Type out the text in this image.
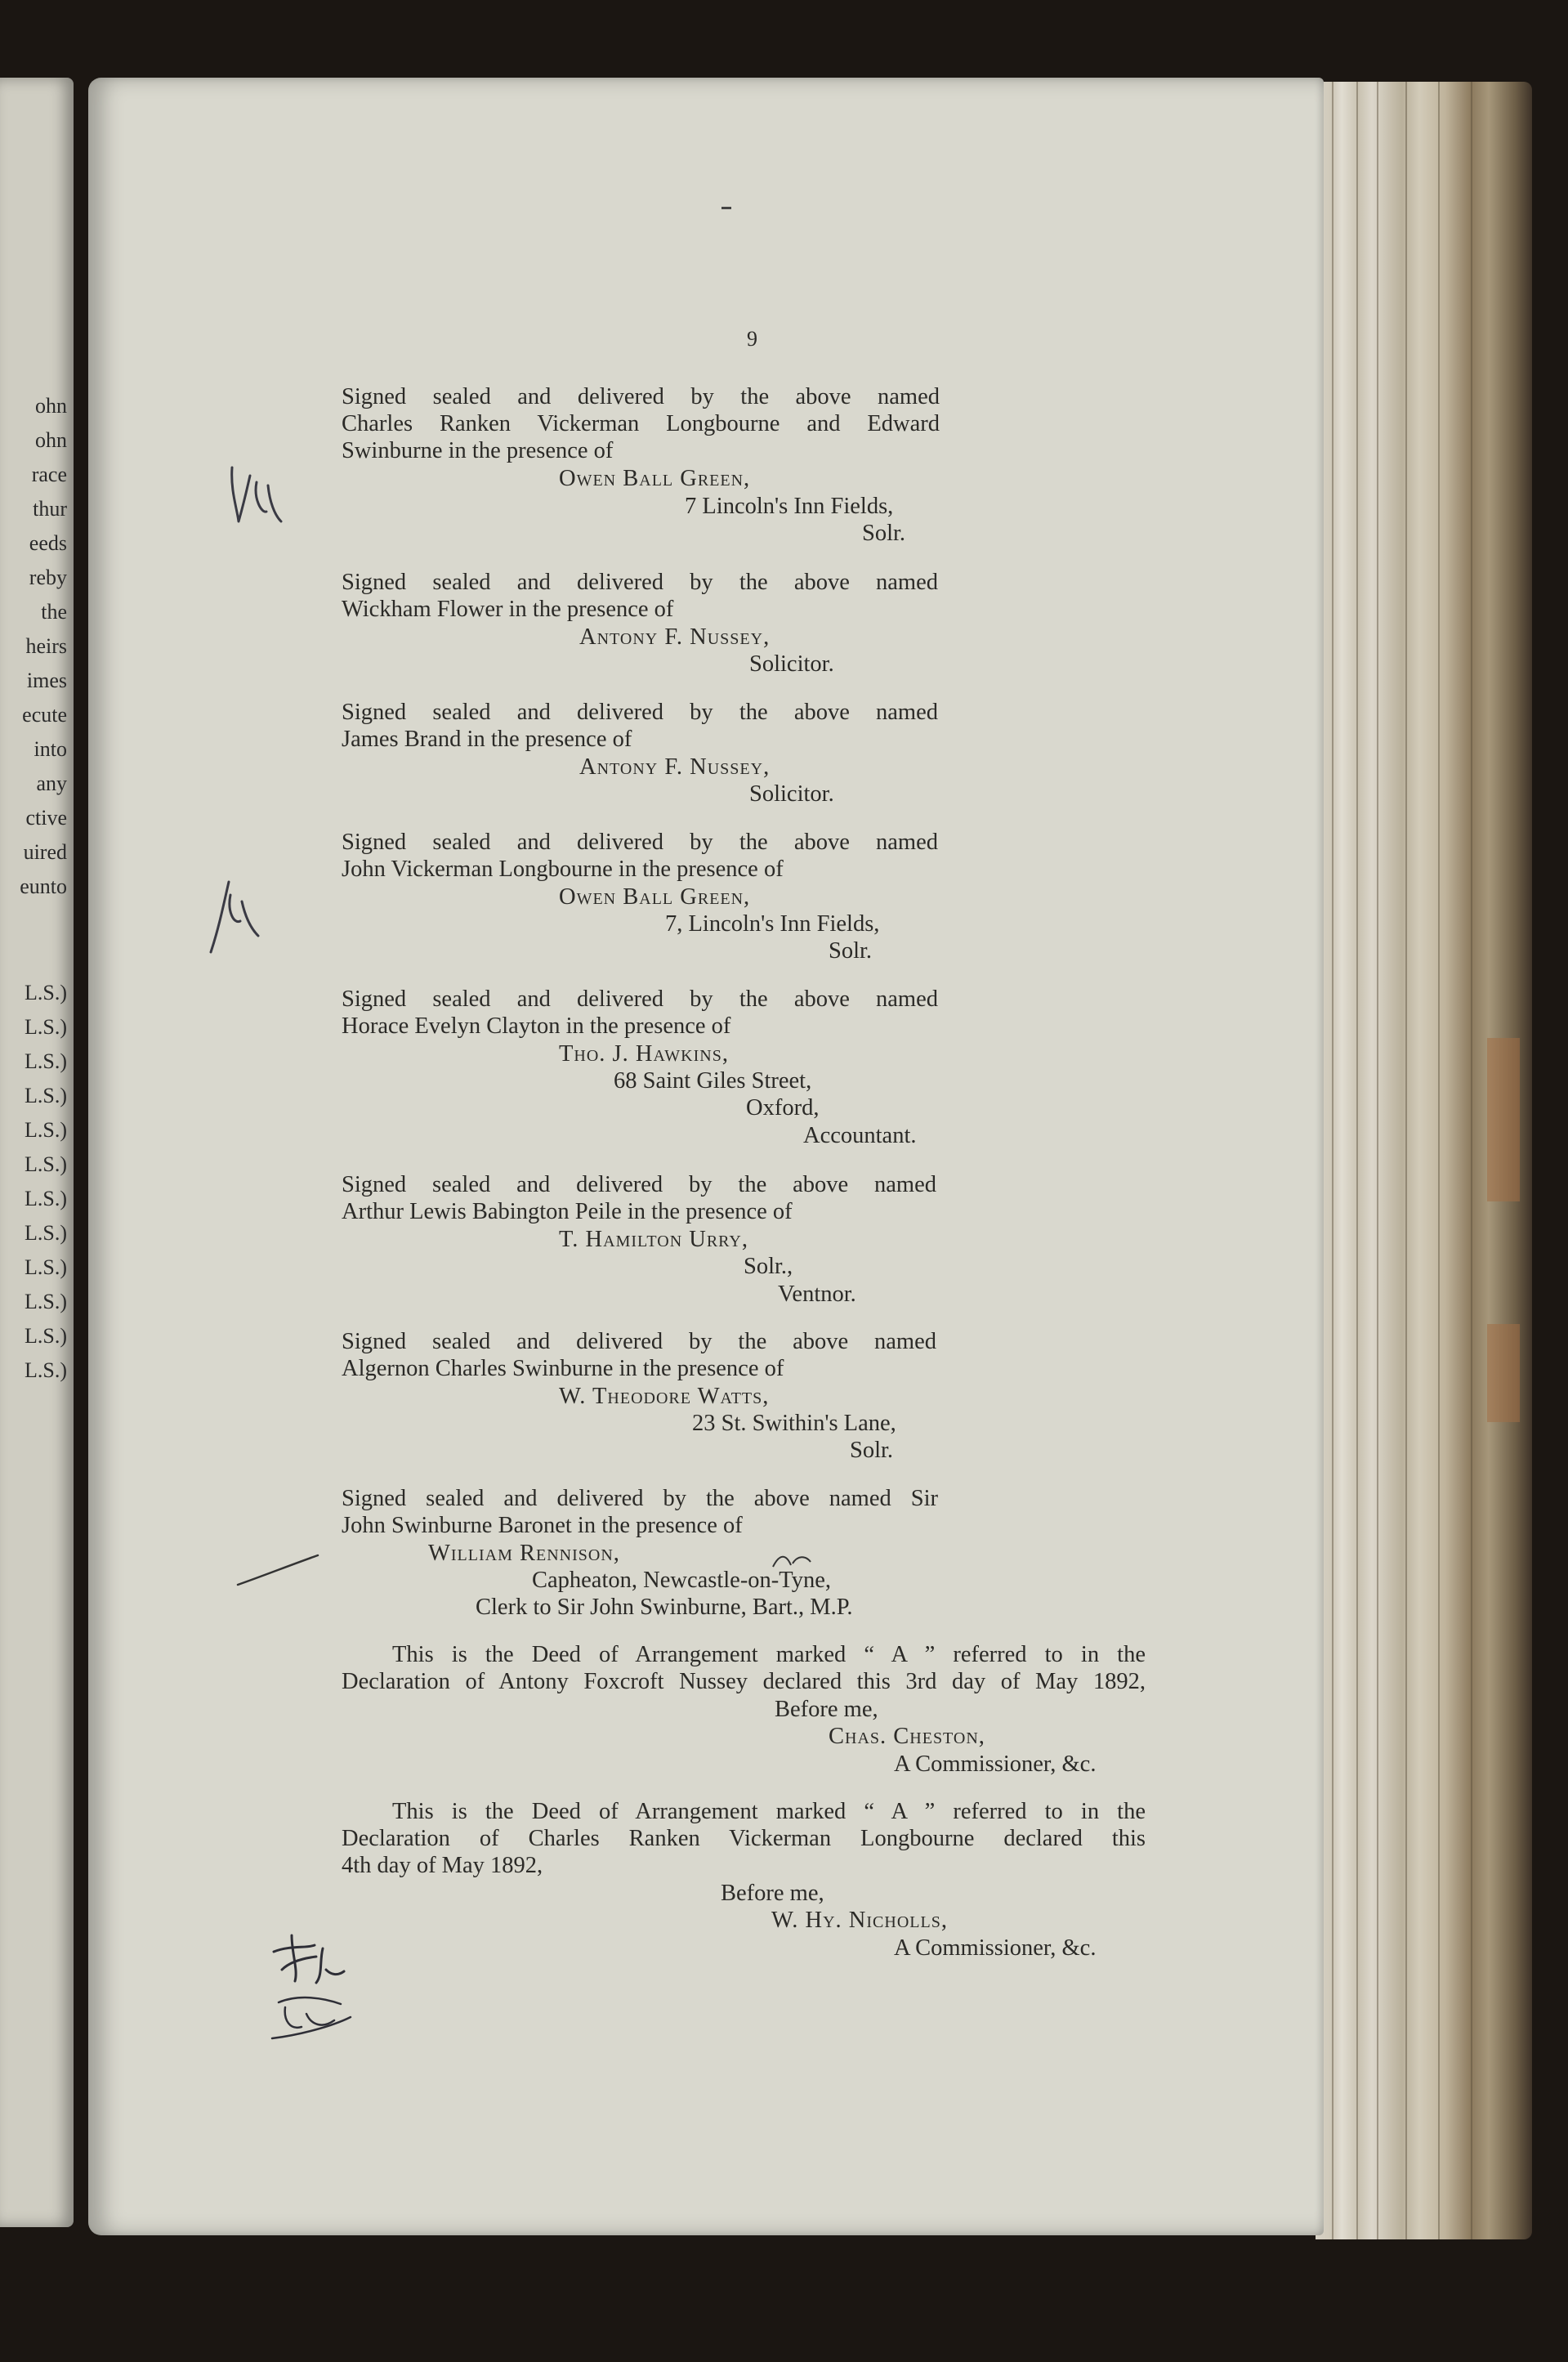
ohn
ohn
race
thur
eeds
reby
the
heirs
imes
ecute
into
any
ctive
uired
eunto
L.S.)
L.S.)
L.S.)
L.S.)
L.S.)
L.S.)
L.S.)
L.S.)
L.S.)
L.S.)
L.S.)
L.S.)
9
Signed sealed and delivered by the above named
Charles Ranken Vickerman Longbourne and Edward
Swinburne in the presence of
Owen Ball Green,
7 Lincoln's Inn Fields,
Solr.
Signed sealed and delivered by the above named
Wickham Flower in the presence of
Antony F. Nussey,
Solicitor.
Signed sealed and delivered by the above named
James Brand in the presence of
Antony F. Nussey,
Solicitor.
Signed sealed and delivered by the above named
John Vickerman Longbourne in the presence of
Owen Ball Green,
7, Lincoln's Inn Fields,
Solr.
Signed sealed and delivered by the above named
Horace Evelyn Clayton in the presence of
Tho. J. Hawkins,
68 Saint Giles Street,
Oxford,
Accountant.
Signed sealed and delivered by the above named
Arthur Lewis Babington Peile in the presence of
T. Hamilton Urry,
Solr.,
Ventnor.
Signed sealed and delivered by the above named
Algernon Charles Swinburne in the presence of
W. Theodore Watts,
23 St. Swithin's Lane,
Solr.
Signed sealed and delivered by the above named Sir
John Swinburne Baronet in the presence of
William Rennison,
Capheaton, Newcastle-on-Tyne,
Clerk to Sir John Swinburne, Bart., M.P.
This is the Deed of Arrangement marked “ A ” referred to in the
Declaration of Antony Foxcroft Nussey declared this 3rd day of May 1892,
Before me,
Chas. Cheston,
A Commissioner, &c.
This is the Deed of Arrangement marked “ A ” referred to in the
Declaration of Charles Ranken Vickerman Longbourne declared this
4th day of May 1892,
Before me,
W. Hy. Nicholls,
A Commissioner, &c.
